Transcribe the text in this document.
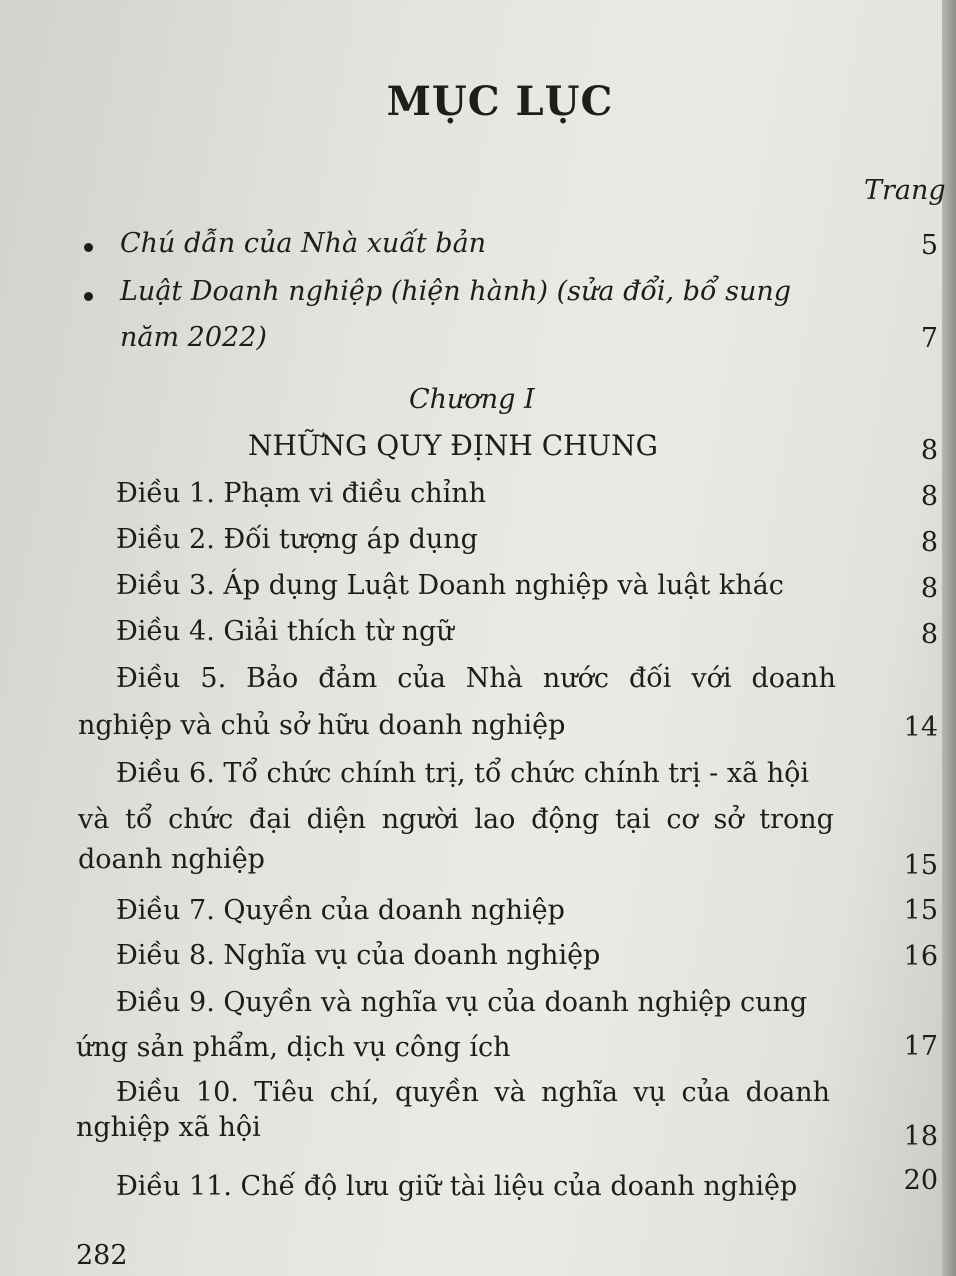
MỤC LỤC
Trang
Chú dẫn của Nhà xuất bản	5
Luật Doanh nghiệp (hiện hành) (sửa đổi, bổ sung
năm 2022)	7
Chương I
NHỮNG QUY ĐỊNH CHUNG	8
Điều 1. Phạm vi điều chỉnh	8
Điều 2. Đối tượng áp dụng	8
Điều 3. Áp dụng Luật Doanh nghiệp và luật khác	8
Điều 4. Giải thích từ ngữ	8
Điều 5. Bảo đảm của Nhà nước đối với doanh
nghiệp và chủ sở hữu doanh nghiệp	14
Điều 6. Tổ chức chính trị, tổ chức chính trị - xã hội
và tổ chức đại diện người lao động tại cơ sở trong
doanh nghiệp	15
Điều 7. Quyền của doanh nghiệp	15
Điều 8. Nghĩa vụ của doanh nghiệp	16
Điều 9. Quyền và nghĩa vụ của doanh nghiệp cung
ứng sản phẩm, dịch vụ công ích	17
Điều 10. Tiêu chí, quyền và nghĩa vụ của doanh
nghiệp xã hội	18
Điều 11. Chế độ lưu giữ tài liệu của doanh nghiệp	20
282
